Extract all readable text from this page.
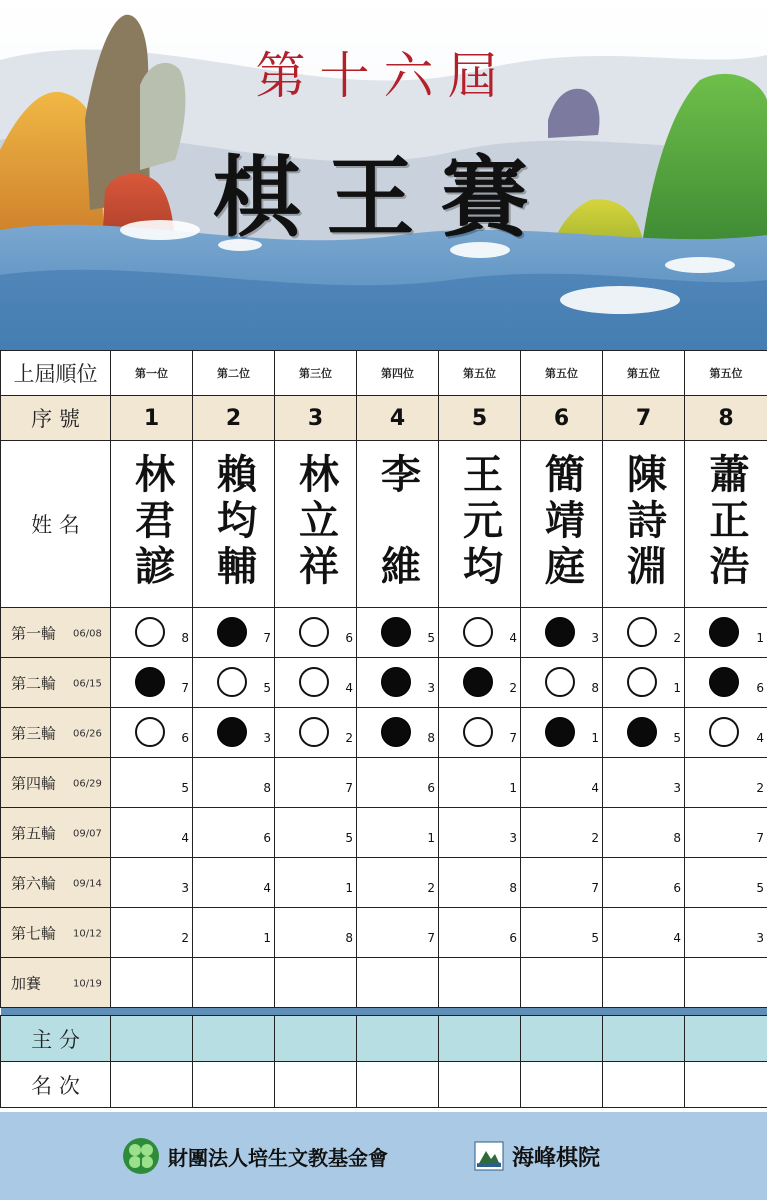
第十六屆
棋王賽
上屆順位	第一位	第二位	第三位	第四位	第五位	第五位	第五位	第五位

序 號	1	2	3	4	5	6	7	8
姓 名	林君諺	賴均輔	林立祥	李　維	王元均	簡靖庭	陳詩淵	蕭正浩

第一輪 06/08	8	7	6	5	4	3	2	1

第二輪 06/15	7	5	4	3	2	8	1	6

第三輪 06/26	6	3	2	8	7	1	5	4

第四輪 06/29	5	8	7	6	1	4	3	2

第五輪 09/07	4	6	5	1	3	2	8	7

第六輪 09/14	3	4	1	2	8	7	6	5

第七輪 10/12	2	1	8	7	6	5	4	3

加賽 10/19								

主 分								
名 次								
財團法人培生文教基金會	海峰棋院
